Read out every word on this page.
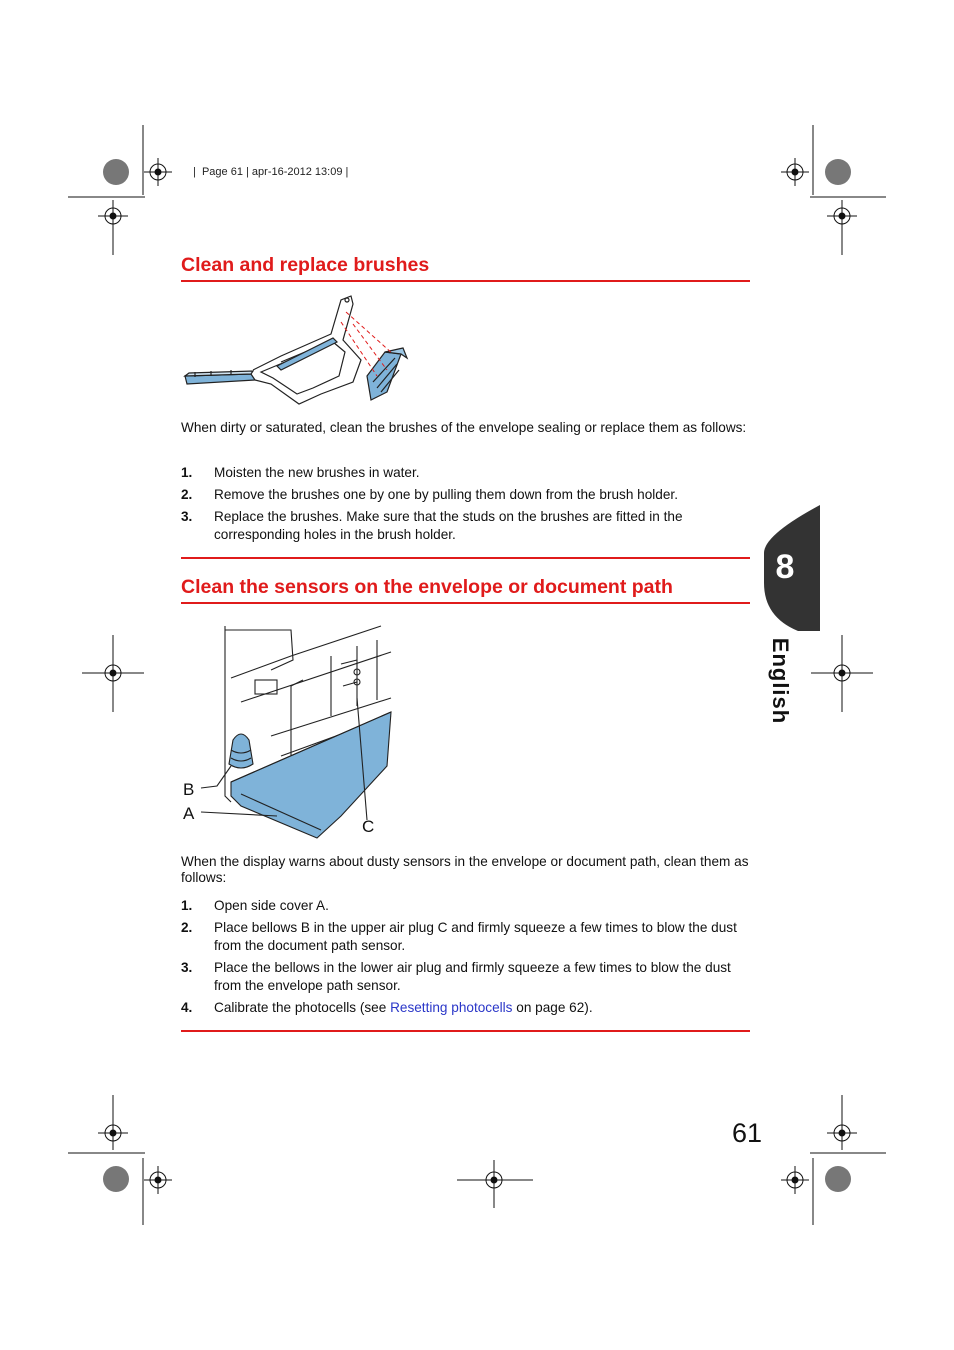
|  Page 61 | apr-16-2012 13:09 |
Clean and replace brushes
When dirty or saturated, clean the brushes of the envelope sealing or replace them as follows:
1. Moisten the new brushes in water.
2. Remove the brushes one by one by pulling them down from the brush holder.
3. Replace the brushes. Make sure that the studs on the brushes are fitted in the corresponding holes in the brush holder.
Clean the sensors on the envelope or document path
B
A
C
When the display warns about dusty sensors in the envelope or document path, clean them as follows:
1. Open side cover A.
2. Place bellows B in the upper air plug C and firmly squeeze a few times to blow the dust from the document path sensor.
3. Place the bellows in the lower air plug and firmly squeeze a few times to blow the dust from the envelope path sensor.
4. Calibrate the photocells (see Resetting photocells on page 62).
8
English
61
